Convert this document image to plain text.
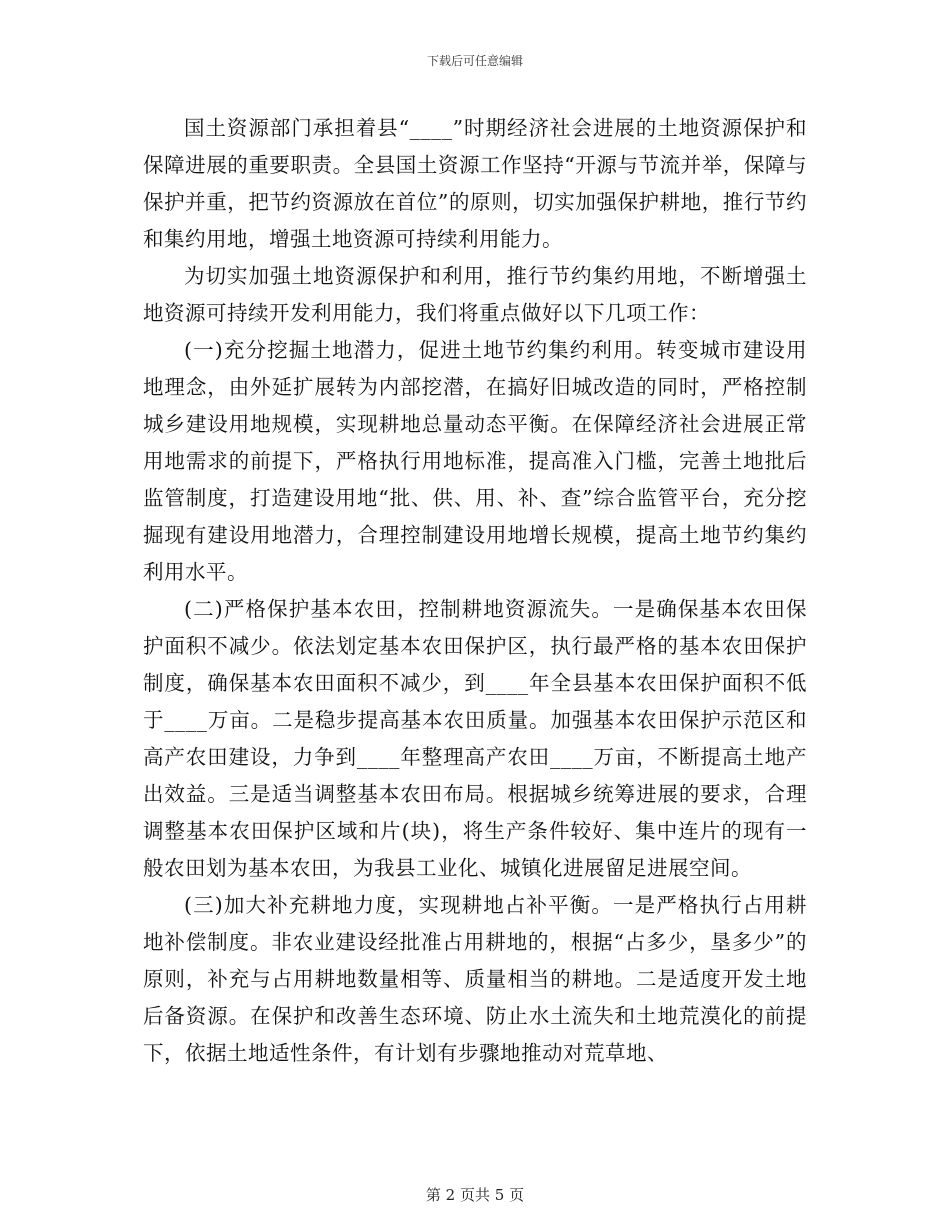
下载后可任意编辑

国土资源部门承担着县“____”时期经济社会进展的土地资源保护和保障进展的重要职责。全县国土资源工作坚持“开源与节流并举，保障与保护并重，把节约资源放在首位”的原则，切实加强保护耕地，推行节约和集约用地，增强土地资源可持续利用能力。

为切实加强土地资源保护和利用，推行节约集约用地，不断增强土地资源可持续开发利用能力，我们将重点做好以下几项工作：

(一)充分挖掘土地潜力，促进土地节约集约利用。转变城市建设用地理念，由外延扩展转为内部挖潜，在搞好旧城改造的同时，严格控制城乡建设用地规模，实现耕地总量动态平衡。在保障经济社会进展正常用地需求的前提下，严格执行用地标准，提高准入门槛，完善土地批后监管制度，打造建设用地“批、供、用、补、查”综合监管平台，充分挖掘现有建设用地潜力，合理控制建设用地增长规模，提高土地节约集约利用水平。

(二)严格保护基本农田，控制耕地资源流失。一是确保基本农田保护面积不减少。依法划定基本农田保护区，执行最严格的基本农田保护制度，确保基本农田面积不减少，到____年全县基本农田保护面积不低于____万亩。二是稳步提高基本农田质量。加强基本农田保护示范区和高产农田建设，力争到____年整理高产农田____万亩，不断提高土地产出效益。三是适当调整基本农田布局。根据城乡统筹进展的要求，合理调整基本农田保护区域和片(块)，将生产条件较好、集中连片的现有一般农田划为基本农田，为我县工业化、城镇化进展留足进展空间。

(三)加大补充耕地力度，实现耕地占补平衡。一是严格执行占用耕地补偿制度。非农业建设经批准占用耕地的，根据“占多少，垦多少”的原则，补充与占用耕地数量相等、质量相当的耕地。二是适度开发土地后备资源。在保护和改善生态环境、防止水土流失和土地荒漠化的前提下，依据土地适性条件，有计划有步骤地推动对荒草地、

第 2 页共 5 页
